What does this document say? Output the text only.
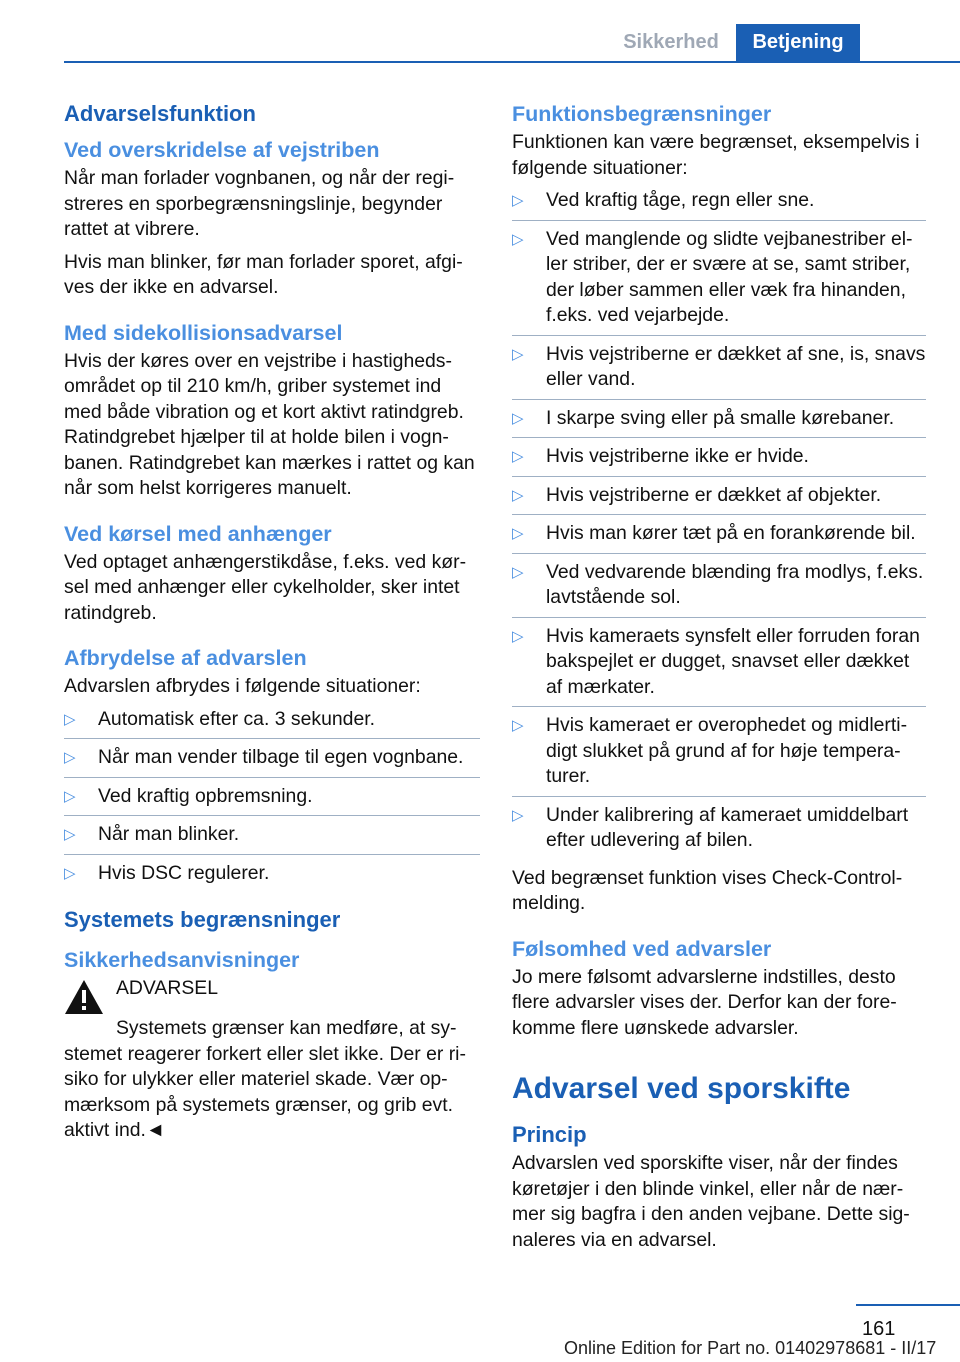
Sikkerhed	Betjening
Advarselsfunktion
Ved overskridelse af vejstriben

Når man forlader vognbanen, og når der regi-streres en sporbegrænsningslinje, begynder rattet at vibrere.

Hvis man blinker, før man forlader sporet, afgi-ves der ikke en advarsel.

Med sidekollisionsadvarsel

Hvis der køres over en vejstribe i hastigheds-området op til 210 km/h, griber systemet ind med både vibration og et kort aktivt ratindgreb. Ratindgrebet hjælper til at holde bilen i vogn-banen. Ratindgrebet kan mærkes i rattet og kan når som helst korrigeres manuelt.

Ved kørsel med anhænger

Ved optaget anhængerstikdåse, f.eks. ved kør-sel med anhænger eller cykelholder, sker intet ratindgreb.

Afbrydelse af advarslen

Advarslen afbrydes i følgende situationer:

▷ Automatisk efter ca. 3 sekunder.
▷ Når man vender tilbage til egen vognbane.
▷ Ved kraftig opbremsning.
▷ Når man blinker.
▷ Hvis DSC regulerer.
Systemets begrænsninger
Sikkerhedsanvisninger
ADVARSEL

Systemets grænser kan medføre, at sy-stemet reagerer forkert eller slet ikke. Der er ri-siko for ulykker eller materiel skade. Vær op-mærksom på systemets grænser, og grib evt. aktivt ind.◄

Funktionsbegrænsninger

Funktionen kan være begrænset, eksempelvis i følgende situationer:

▷ Ved kraftig tåge, regn eller sne.
▷ Ved manglende og slidte vejbanestriber el-ler striber, der er svære at se, samt striber, der løber sammen eller væk fra hinanden, f.eks. ved vejarbejde.
▷ Hvis vejstriberne er dækket af sne, is, snavs eller vand.
▷ I skarpe sving eller på smalle kørebaner.
▷ Hvis vejstriberne ikke er hvide.
▷ Hvis vejstriberne er dækket af objekter.
▷ Hvis man kører tæt på en forankørende bil.
▷ Ved vedvarende blænding fra modlys, f.eks. lavtstående sol.
▷ Hvis kameraets synsfelt eller forruden foran bakspejlet er dugget, snavset eller dækket af mærkater.
▷ Hvis kameraet er overophedet og midlerti-digt slukket på grund af for høje tempera-turer.
▷ Under kalibrering af kameraet umiddelbart efter udlevering af bilen.

Ved begrænset funktion vises Check-Control-melding.

Følsomhed ved advarsler

Jo mere følsomt advarslerne indstilles, desto flere advarsler vises der. Derfor kan der fore-komme flere uønskede advarsler.

Advarsel ved sporskifte
Princip

Advarslen ved sporskifte viser, når der findes køretøjer i den blinde vinkel, eller når de nær-mer sig bagfra i den anden vejbane. Dette sig-naleres via en advarsel.

161
Online Edition for Part no. 01402978681 - II/17
